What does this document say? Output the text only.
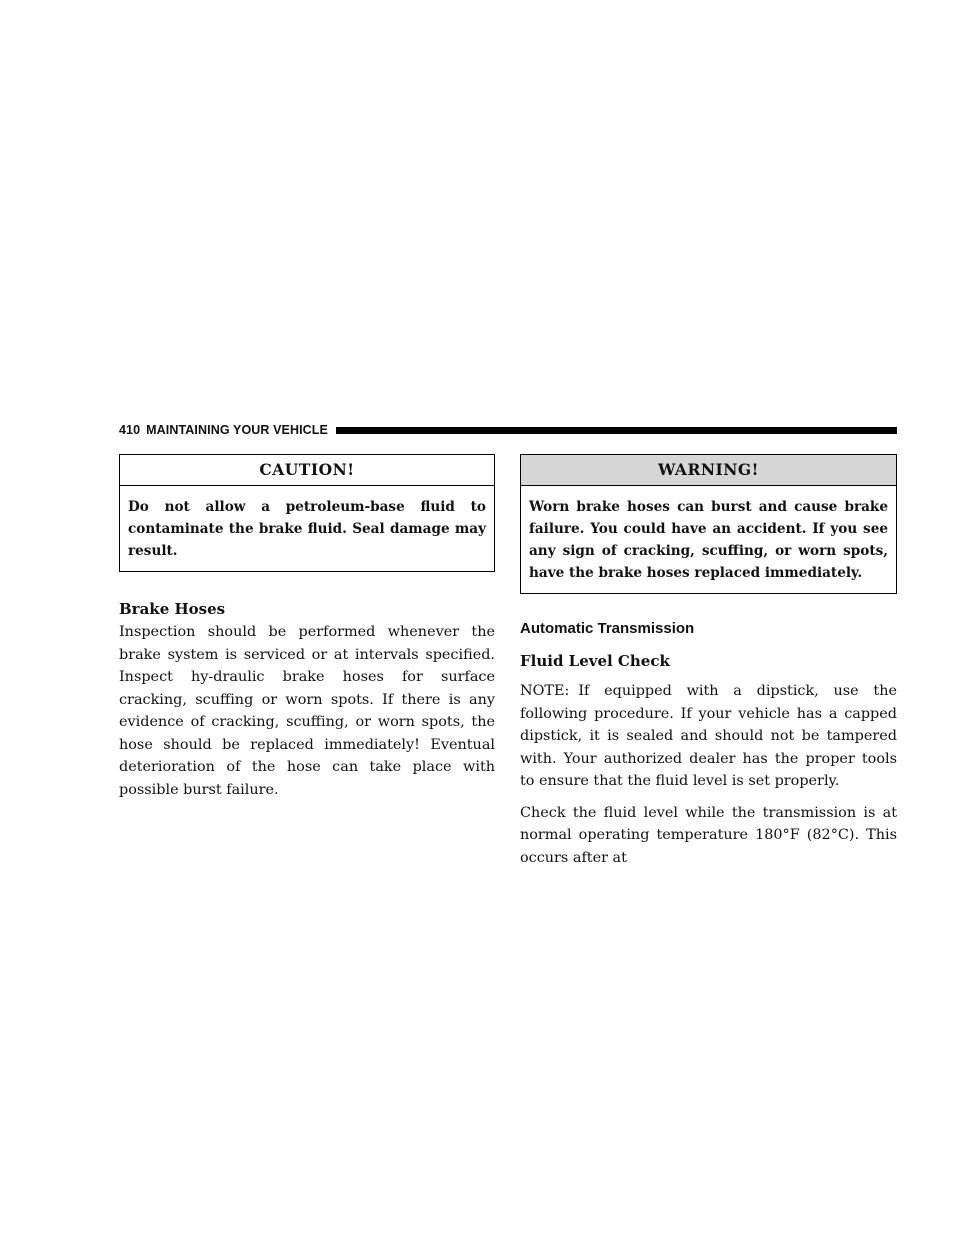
410 MAINTAINING YOUR VEHICLE
CAUTION!
Do not allow a petroleum-base fluid to contaminate the brake fluid. Seal damage may result.
Brake Hoses

Inspection should be performed whenever the brake system is serviced or at intervals specified. Inspect hy-draulic brake hoses for surface cracking, scuffing or worn spots. If there is any evidence of cracking, scuffing, or worn spots, the hose should be replaced immediately! Eventual deterioration of the hose can take place with possible burst failure.

WARNING!
Worn brake hoses can burst and cause brake failure. You could have an accident. If you see any sign of cracking, scuffing, or worn spots, have the brake hoses replaced immediately.
Automatic Transmission
Fluid Level Check

NOTE: If equipped with a dipstick, use the following procedure. If your vehicle has a capped dipstick, it is sealed and should not be tampered with. Your authorized dealer has the proper tools to ensure that the fluid level is set properly.

Check the fluid level while the transmission is at normal operating temperature 180°F (82°C). This occurs after at
